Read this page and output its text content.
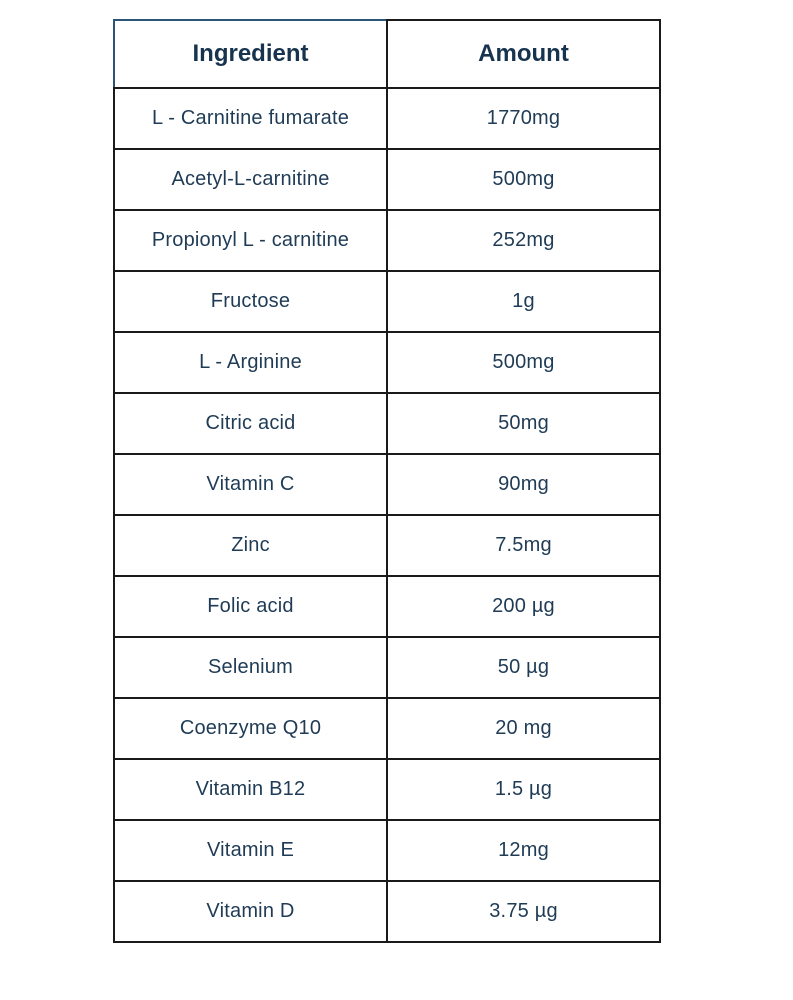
Ingredient	Amount
L - Carnitine fumarate	1770mg
Acetyl-L-carnitine	500mg
Propionyl L - carnitine	252mg
Fructose	1g
L - Arginine	500mg
Citric acid	50mg
Vitamin C	90mg
Zinc	7.5mg
Folic acid	200 µg
Selenium	50 µg
Coenzyme Q10	20 mg
Vitamin B12	1.5 µg
Vitamin E	12mg
Vitamin D	3.75 µg
